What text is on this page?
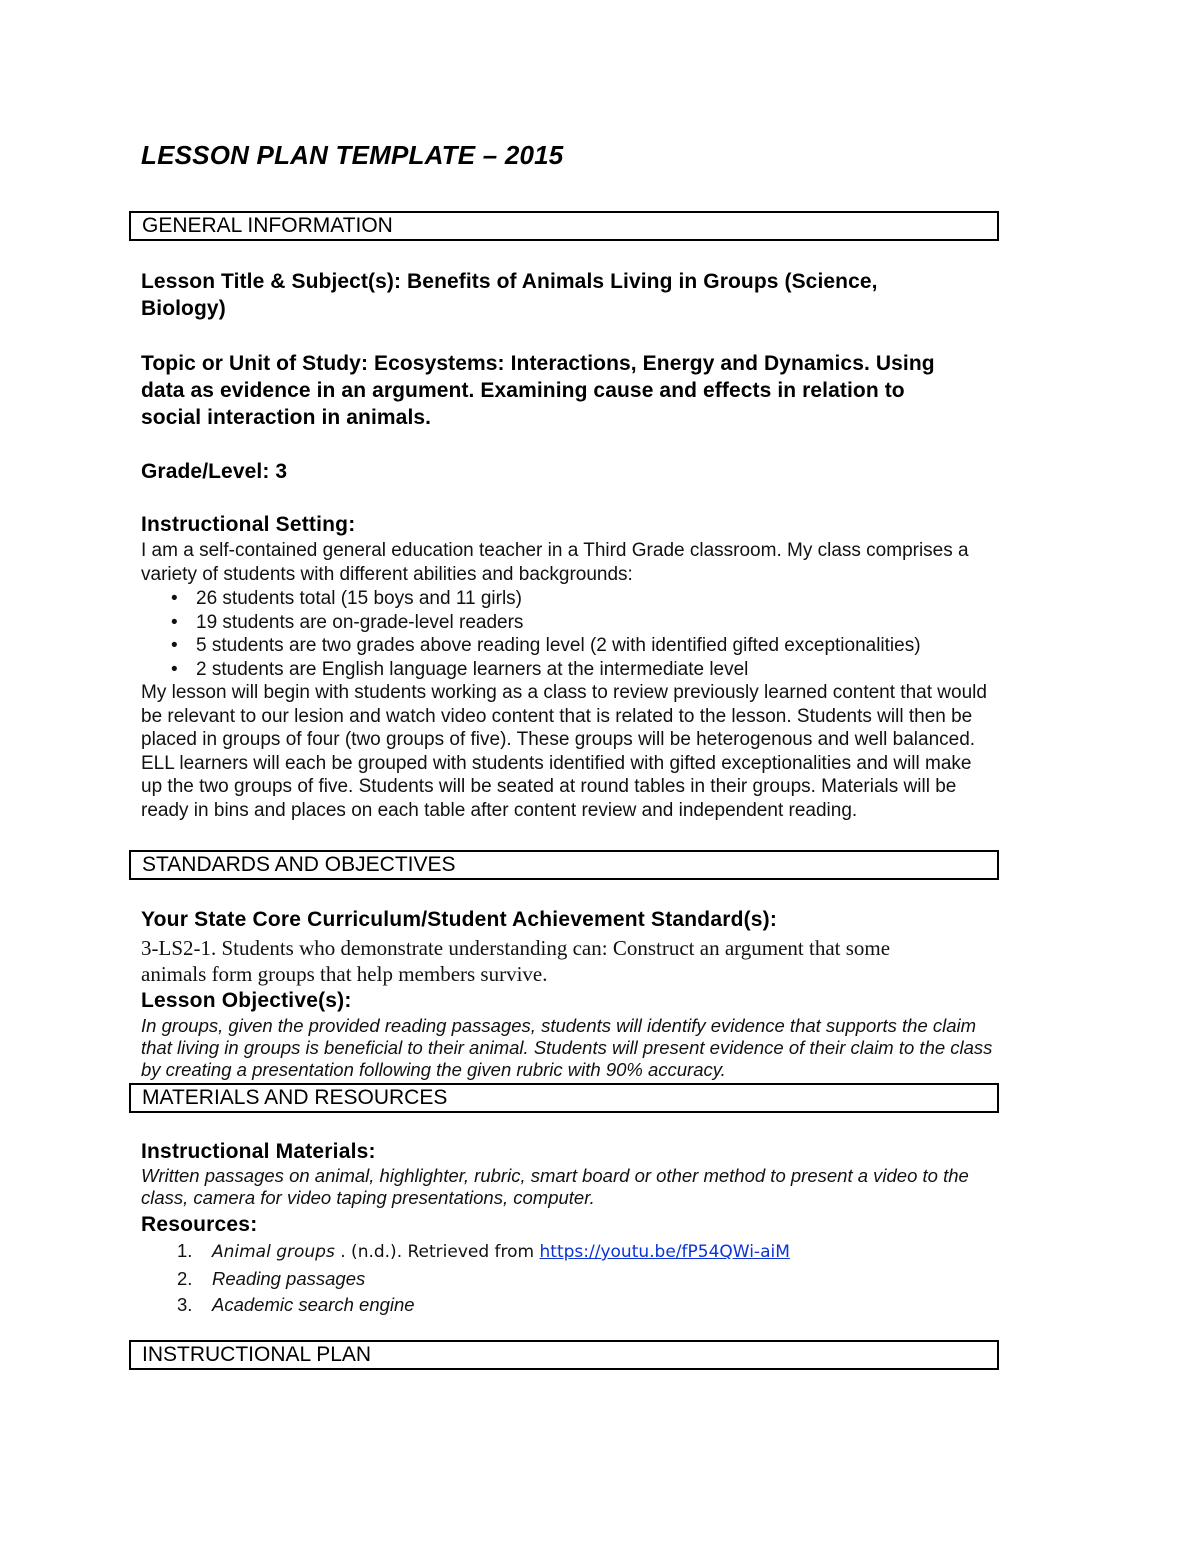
LESSON PLAN TEMPLATE – 2015
GENERAL INFORMATION
Lesson Title & Subject(s): Benefits of Animals Living in Groups (Science,
Biology)
Topic or Unit of Study: Ecosystems: Interactions, Energy and Dynamics. Using
data as evidence in an argument. Examining cause and effects in relation to
social interaction in animals.
Grade/Level: 3
Instructional Setting:
I am a self-contained general education teacher in a Third Grade classroom. My class comprises a
variety of students with different abilities and backgrounds:
• 26 students total (15 boys and 11 girls)
• 19 students are on-grade-level readers
• 5 students are two grades above reading level (2 with identified gifted exceptionalities)
• 2 students are English language learners at the intermediate level
My lesson will begin with students working as a class to review previously learned content that would
be relevant to our lesion and watch video content that is related to the lesson. Students will then be
placed in groups of four (two groups of five). These groups will be heterogenous and well balanced.
ELL learners will each be grouped with students identified with gifted exceptionalities and will make
up the two groups of five. Students will be seated at round tables in their groups. Materials will be
ready in bins and places on each table after content review and independent reading.
STANDARDS AND OBJECTIVES
Your State Core Curriculum/Student Achievement Standard(s):
3-LS2-1. Students who demonstrate understanding can: Construct an argument that some
animals form groups that help members survive.
Lesson Objective(s):
In groups, given the provided reading passages, students will identify evidence that supports the claim
that living in groups is beneficial to their animal. Students will present evidence of their claim to the class
by creating a presentation following the given rubric with 90% accuracy.
MATERIALS AND RESOURCES
Instructional Materials:
Written passages on animal, highlighter, rubric, smart board or other method to present a video to the
class, camera for video taping presentations, computer.
Resources:
1. Animal groups . (n.d.). Retrieved from https://youtu.be/fP54QWi-aiM
2. Reading passages
3. Academic search engine
INSTRUCTIONAL PLAN
